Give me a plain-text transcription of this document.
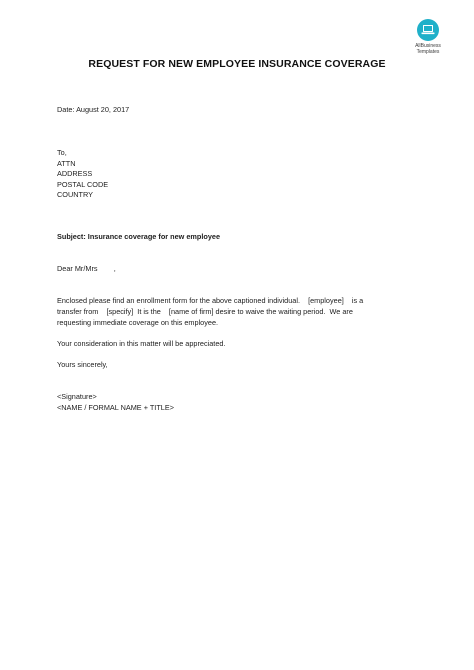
AllBusiness
Templates
REQUEST FOR NEW EMPLOYEE INSURANCE COVERAGE
Date: August 20, 2017
To,
ATTN
ADDRESS
POSTAL CODE
COUNTRY
Subject: Insurance coverage for new employee
Dear Mr/Mrs        ,
Enclosed please find an enrollment form for the above captioned individual.    [employee]    is a
transfer from    [specify]  It is the    [name of firm] desire to waive the waiting period.  We are
requesting immediate coverage on this employee.
Your consideration in this matter will be appreciated.
Yours sincerely,
<Signature>
<NAME / FORMAL NAME + TITLE>
